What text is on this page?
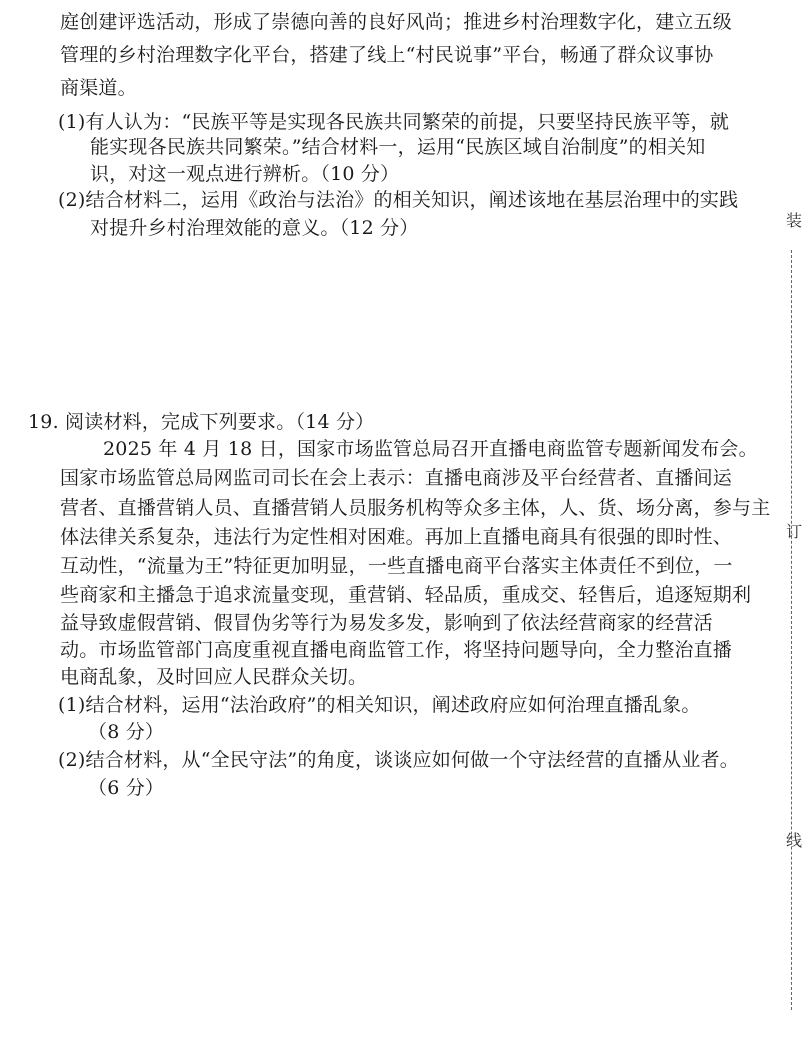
庭创建评选活动，形成了崇德向善的良好风尚；推进乡村治理数字化，建立五级
管理的乡村治理数字化平台，搭建了线上“村民说事”平台，畅通了群众议事协
商渠道。
(1)有人认为：“民族平等是实现各民族共同繁荣的前提，只要坚持民族平等，就
能实现各民族共同繁荣。”结合材料一，运用“民族区域自治制度”的相关知
识，对这一观点进行辨析。（10 分）
(2)结合材料二，运用《政治与法治》的相关知识，阐述该地在基层治理中的实践
对提升乡村治理效能的意义。（12 分）
19. 阅读材料，完成下列要求。（14 分）
2025 年 4 月 18 日，国家市场监管总局召开直播电商监管专题新闻发布会。
国家市场监管总局网监司司长在会上表示：直播电商涉及平台经营者、直播间运
营者、直播营销人员、直播营销人员服务机构等众多主体，人、货、场分离，参与主
体法律关系复杂，违法行为定性相对困难。再加上直播电商具有很强的即时性、
互动性，“流量为王”特征更加明显，一些直播电商平台落实主体责任不到位，一
些商家和主播急于追求流量变现，重营销、轻品质，重成交、轻售后，追逐短期利
益导致虚假营销、假冒伪劣等行为易发多发，影响到了依法经营商家的经营活
动。市场监管部门高度重视直播电商监管工作，将坚持问题导向，全力整治直播
电商乱象，及时回应人民群众关切。
(1)结合材料，运用“法治政府”的相关知识，阐述政府应如何治理直播乱象。
（8 分）
(2)结合材料，从“全民守法”的角度，谈谈应如何做一个守法经营的直播从业者。
（6 分）
装
订
线
